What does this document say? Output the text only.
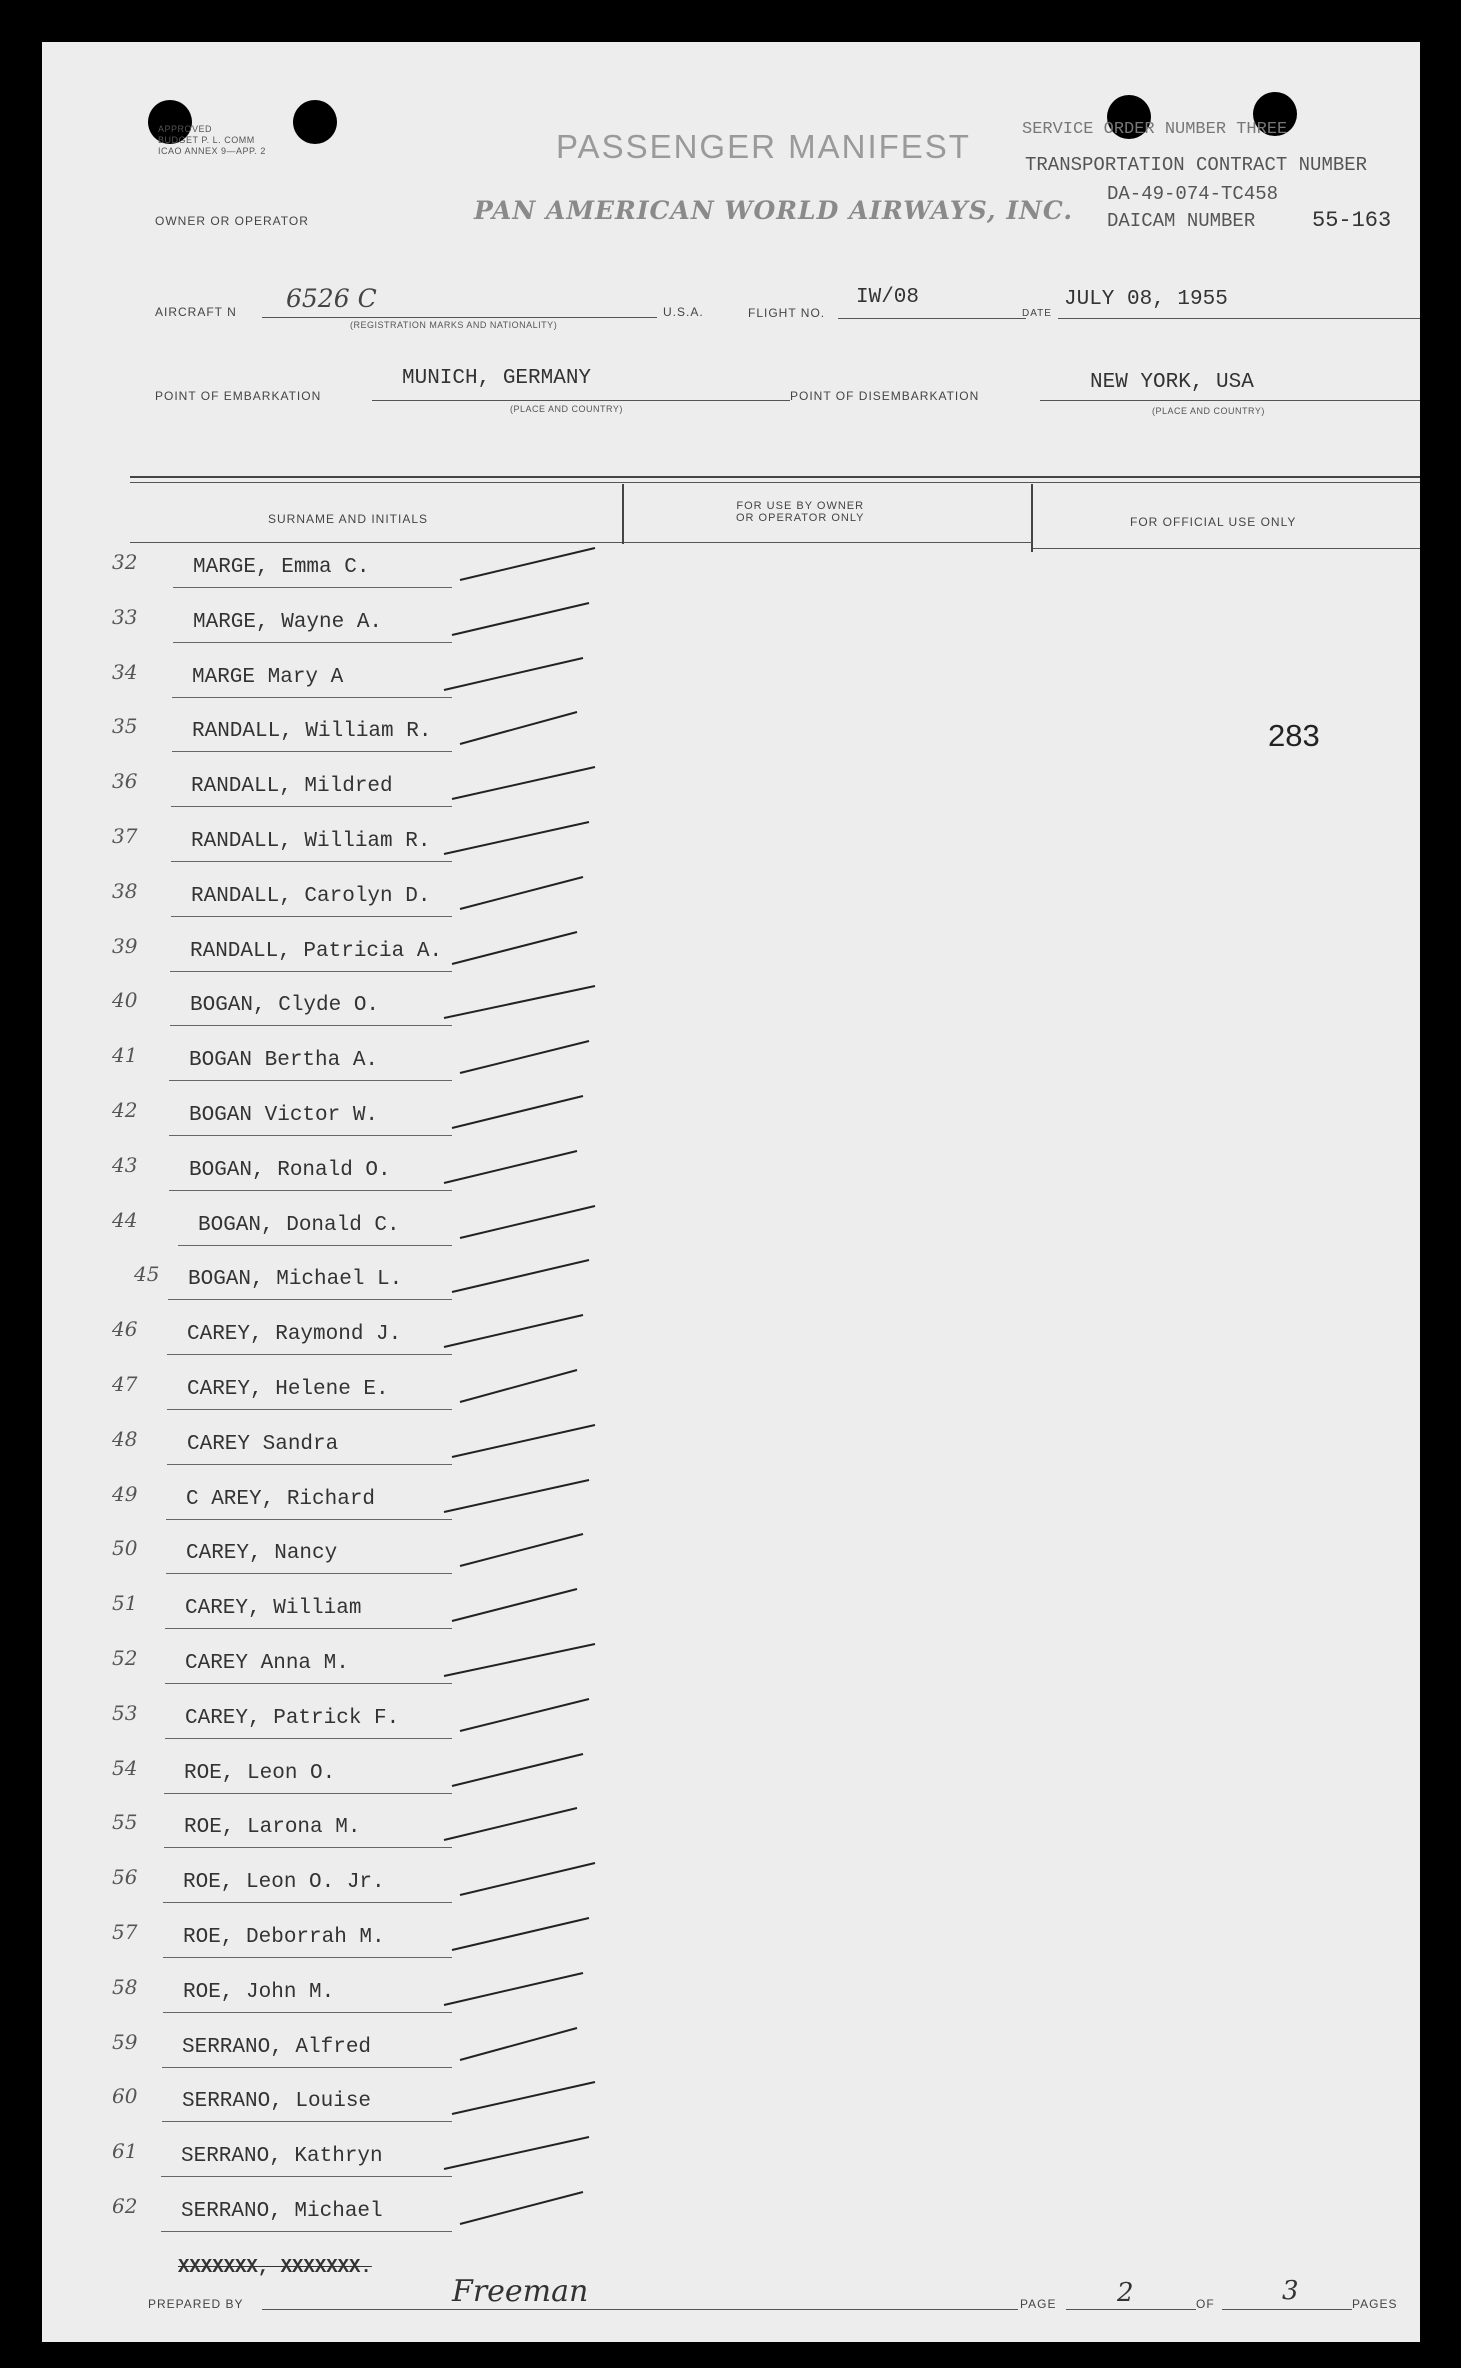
APPROVED
BUDGET P. L. COMM
ICAO ANNEX 9—APP. 2	PASSENGER MANIFEST
PAN AMERICAN WORLD AIRWAYS, INC.
OWNER OR OPERATOR
SERVICE ORDER NUMBER THREE
TRANSPORTATION CONTRACT NUMBER
DA-49-074-TC458
DAICAM NUMBER	55-163
AIRCRAFT N 6526 C
(REGISTRATION MARKS AND NATIONALITY)
U.S.A.	FLIGHT NO.
IW/08
DATE
JULY 08, 1955
POINT OF EMBARKATION
MUNICH, GERMANY
(PLACE AND COUNTRY)
POINT OF DISEMBARKATION
NEW YORK, USA
(PLACE AND COUNTRY)
SURNAME AND INITIALS
FOR USE BY OWNER
OR OPERATOR ONLY	FOR OFFICIAL USE ONLY
283
32	MARGE, Emma C.
33	MARGE, Wayne A.
34	MARGE Mary A
35	RANDALL, William R.
36	RANDALL, Mildred
37	RANDALL, William R.
38	RANDALL, Carolyn D.
39	RANDALL, Patricia A.
40	BOGAN, Clyde O.
41 BOGAN Bertha A.
42 BOGAN Victor W.
43 BOGAN, Ronald O.
44	BOGAN, Donald C.
45 BOGAN, Michael L.
46 CAREY, Raymond J.
47 CAREY, Helene E.
48 CAREY Sandra
49 C AREY, Richard
50 CAREY, Nancy
51 CAREY, William
52 CAREY Anna M.
53 CAREY, Patrick F.
54 ROE, Leon O.
55 ROE, Larona M.
56 ROE, Leon O. Jr.
57 ROE, Deborrah M.
58 ROE, John M.
59 SERRANO, Alfred
60 SERRANO, Louise
61 SERRANO, Kathryn
62 SERRANO, Michael
XXXXXXX, XXXXXXX.
PREPARED BY	Freeman	PAGE 2	OF	3	PAGES
